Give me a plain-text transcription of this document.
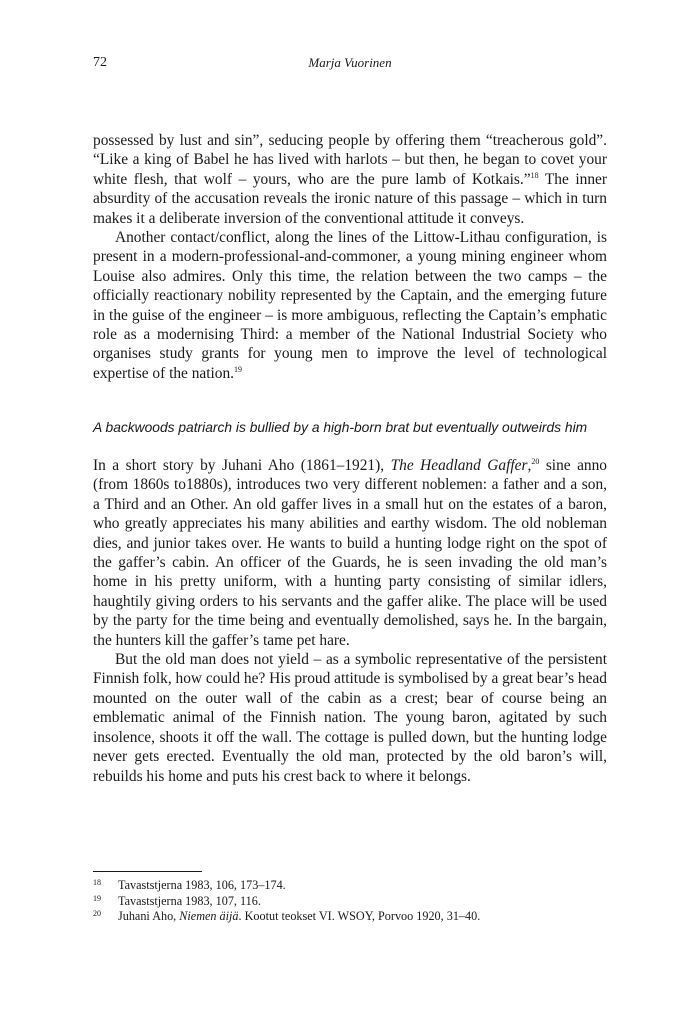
72	Marja Vuorinen

possessed by lust and sin”, seducing people by offering them “treacherous gold”. “Like a king of Babel he has lived with harlots – but then, he began to covet your white flesh, that wolf – yours, who are the pure lamb of Kotkais.”$^{18}$ The inner absurdity of the accusation reveals the ironic nature of this passage – which in turn makes it a deliberate inversion of the conventional attitude it conveys.

Another contact/conflict, along the lines of the Littow-Lithau configuration, is present in a modern-professional-and-commoner, a young mining engineer whom Louise also admires. Only this time, the relation between the two camps – the officially reactionary nobility represented by the Captain, and the emerging future in the guise of the engineer – is more ambiguous, reflecting the Captain’s emphatic role as a modernising Third: a member of the National Industrial Society who organises study grants for young men to improve the level of technological expertise of the nation.$^{19}$

A backwoods patriarch is bullied by a high-born brat but eventually outweirds him

In a short story by Juhani Aho (1861–1921), The Headland Gaffer,$^{20}$ sine anno (from 1860s to1880s), introduces two very different noblemen: a father and a son, a Third and an Other. An old gaffer lives in a small hut on the estates of a baron, who greatly appreciates his many abilities and earthy wisdom. The old nobleman dies, and junior takes over. He wants to build a hunting lodge right on the spot of the gaffer’s cabin. An officer of the Guards, he is seen invading the old man’s home in his pretty uniform, with a hunting party consisting of similar idlers, haughtily giving orders to his servants and the gaffer alike. The place will be used by the party for the time being and eventually demolished, says he. In the bargain, the hunters kill the gaffer’s tame pet hare.

But the old man does not yield – as a symbolic representative of the persistent Finnish folk, how could he? His proud attitude is symbolised by a great bear’s head mounted on the outer wall of the cabin as a crest; bear of course being an emblematic animal of the Finnish nation. The young baron, agitated by such insolence, shoots it off the wall. The cottage is pulled down, but the hunting lodge never gets erected. Eventually the old man, protected by the old baron’s will, rebuilds his home and puts his crest back to where it belongs.

18	Tavaststjerna 1983, 106, 173–174.
19	Tavaststjerna 1983, 107, 116.
20	Juhani Aho, Niemen äijä. Kootut teokset VI. WSOY, Porvoo 1920, 31–40.
